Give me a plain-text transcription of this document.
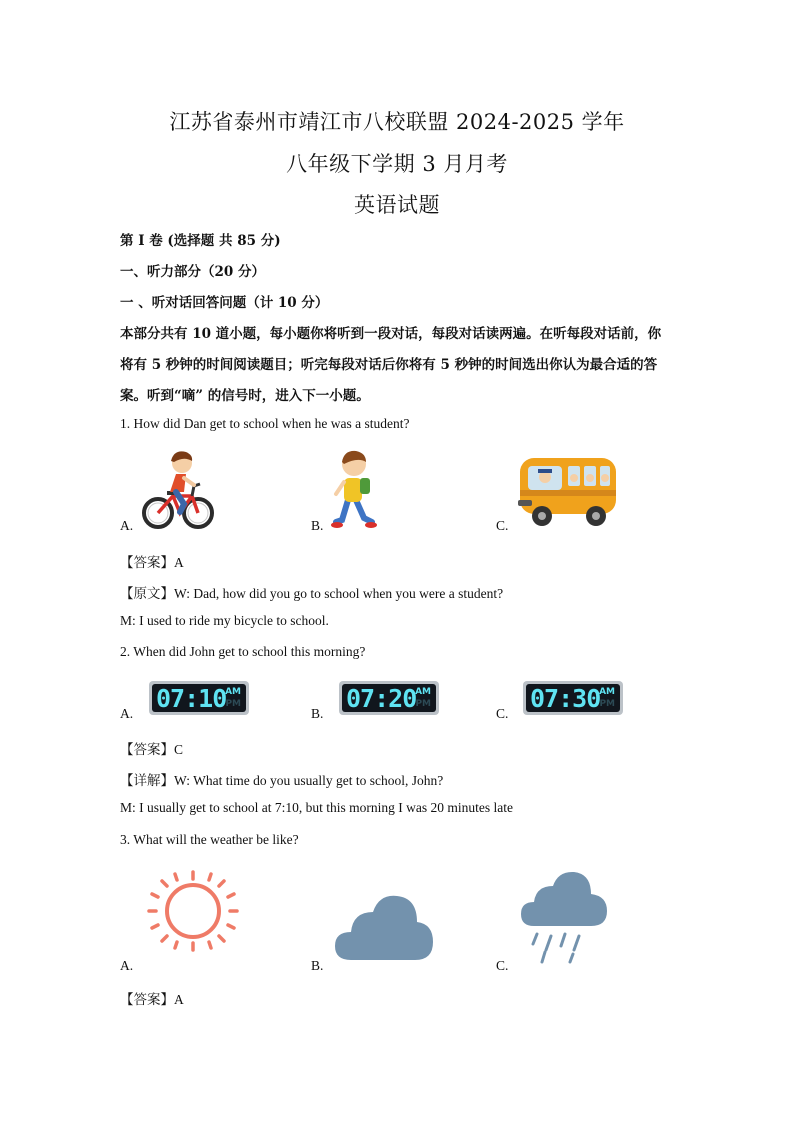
江苏省泰州市靖江市八校联盟 2024-2025 学年
八年级下学期 3 月月考
英语试题
第 I 卷 (选择题 共 85 分)
一、听力部分（20 分）
一 、听对话回答问题（计 10 分）
本部分共有 10 道小题，每小题你将听到一段对话，每段对话读两遍。在听每段对话前，你
将有 5 秒钟的时间阅读题目；听完每段对话后你将有 5 秒钟的时间选出你认为最合适的答
案。听到“嘀” 的信号时，进入下一小题。
1. How did Dan get to school when he was a student?
A.	B.	C.
【答案】A
【原文】W: Dad, how did you go to school when you were a student?
M: I used to ride my bicycle to school.
2. When did John get to school this morning?
07:10
AM
PM	07:20
AM
PM	07:30
AM
PM
A.	B.	C.
【答案】C
【详解】W: What time do you usually get to school, John?
M: I usually get to school at 7:10, but this morning I was 20 minutes late
3. What will the weather be like?
A.	B.	C.
【答案】A
